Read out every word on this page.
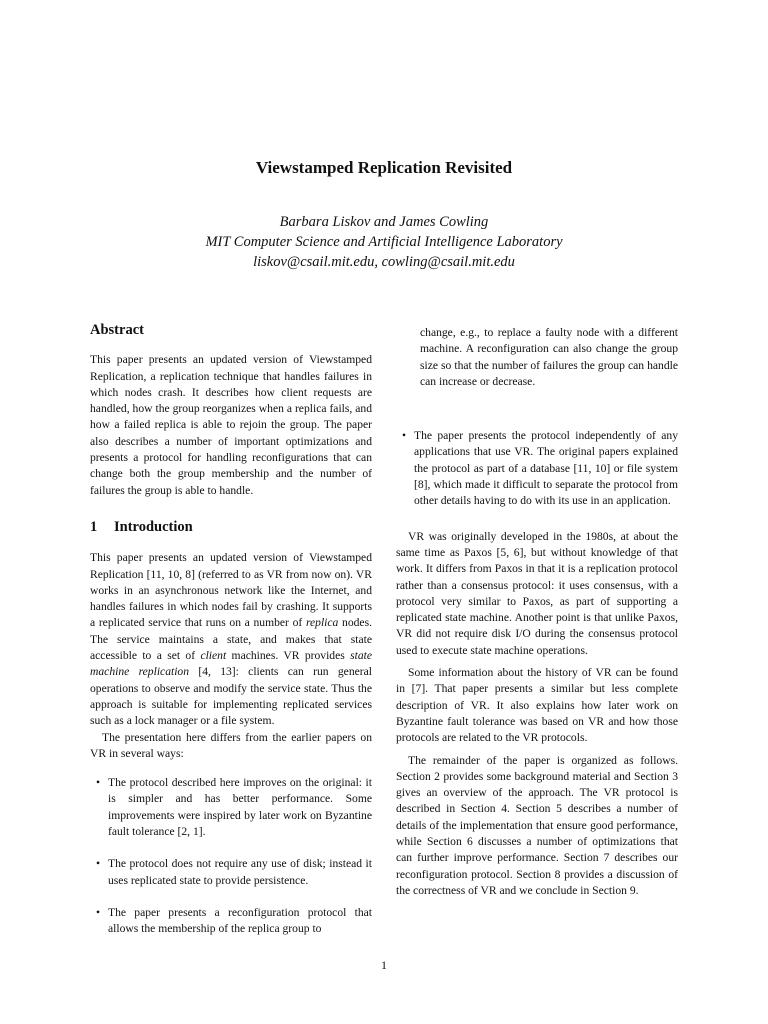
Viewstamped Replication Revisited
Barbara Liskov and James Cowling
MIT Computer Science and Artificial Intelligence Laboratory
liskov@csail.mit.edu, cowling@csail.mit.edu
Abstract

This paper presents an updated version of Viewstamped Replication, a replication technique that handles failures in which nodes crash. It describes how client requests are handled, how the group reorganizes when a replica fails, and how a failed replica is able to rejoin the group. The paper also describes a number of important optimizations and presents a protocol for handling reconfigurations that can change both the group membership and the number of failures the group is able to handle.

1 Introduction

This paper presents an updated version of Viewstamped Replication [11, 10, 8] (referred to as VR from now on). VR works in an asynchronous network like the Internet, and handles failures in which nodes fail by crashing. It supports a replicated service that runs on a number of replica nodes. The service maintains a state, and makes that state accessible to a set of client machines. VR provides state machine replication [4, 13]: clients can run general operations to observe and modify the service state. Thus the approach is suitable for implementing replicated services such as a lock manager or a file system.

The presentation here differs from the earlier papers on VR in several ways:

• The protocol described here improves on the original: it is simpler and has better performance. Some improvements were inspired by later work on Byzantine fault tolerance [2, 1].
• The protocol does not require any use of disk; instead it uses replicated state to provide persistence.
• The paper presents a reconfiguration protocol that allows the membership of the replica group to

change, e.g., to replace a faulty node with a different machine. A reconfiguration can also change the group size so that the number of failures the group can handle can increase or decrease.

• The paper presents the protocol independently of any applications that use VR. The original papers explained the protocol as part of a database [11, 10] or file system [8], which made it difficult to separate the protocol from other details having to do with its use in an application.

VR was originally developed in the 1980s, at about the same time as Paxos [5, 6], but without knowledge of that work. It differs from Paxos in that it is a replication protocol rather than a consensus protocol: it uses consensus, with a protocol very similar to Paxos, as part of supporting a replicated state machine. Another point is that unlike Paxos, VR did not require disk I/O during the consensus protocol used to execute state machine operations.

Some information about the history of VR can be found in [7]. That paper presents a similar but less complete description of VR. It also explains how later work on Byzantine fault tolerance was based on VR and how those protocols are related to the VR protocols.

The remainder of the paper is organized as follows. Section 2 provides some background material and Section 3 gives an overview of the approach. The VR protocol is described in Section 4. Section 5 describes a number of details of the implementation that ensure good performance, while Section 6 discusses a number of optimizations that can further improve performance. Section 7 describes our reconfiguration protocol. Section 8 provides a discussion of the correctness of VR and we conclude in Section 9.

1
